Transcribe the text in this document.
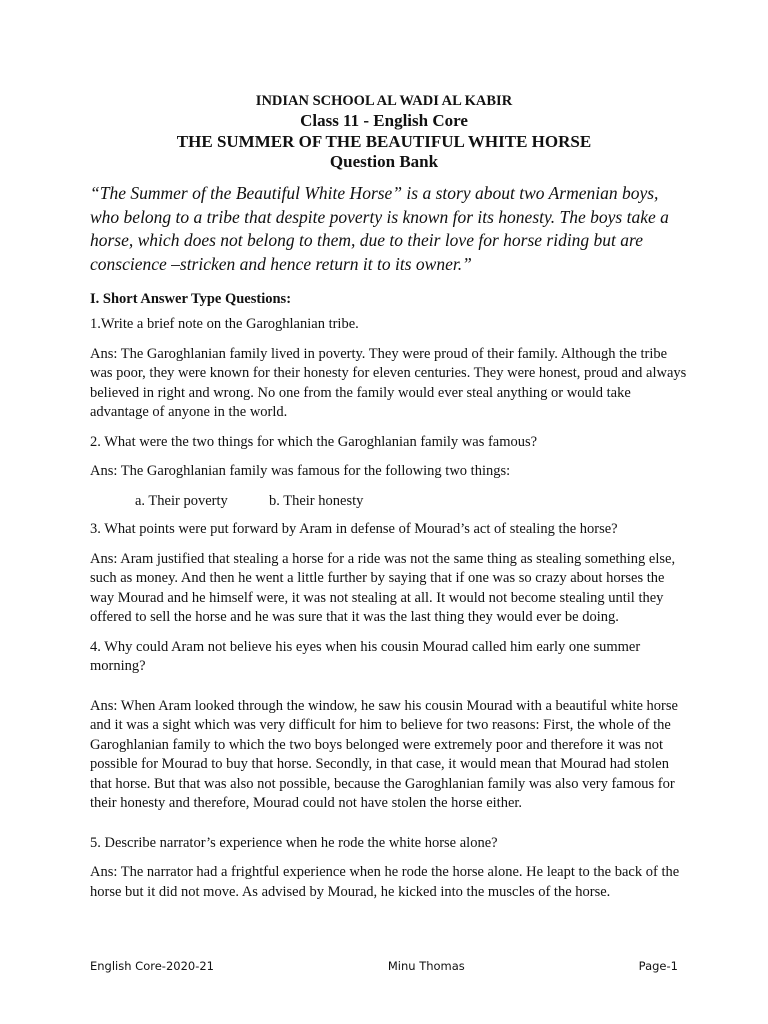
INDIAN SCHOOL AL WADI AL KABIR
Class 11 - English Core
THE SUMMER OF THE BEAUTIFUL WHITE HORSE
Question Bank

“The Summer of the Beautiful White Horse” is a story about two Armenian boys, who belong to a tribe that despite poverty is known for its honesty. The boys take a horse, which does not belong to them, due to their love for horse riding but are conscience –stricken and hence return it to its owner.”

I. Short Answer Type Questions:

1.Write a brief note on the Garoghlanian tribe.

Ans: The Garoghlanian family lived in poverty. They were proud of their family. Although the tribe was poor, they were known for their honesty for eleven centuries. They were honest, proud and always believed in right and wrong. No one from the family would ever steal anything or would take advantage of anyone in the world.

2. What were the two things for which the Garoghlanian family was famous?

Ans: The Garoghlanian family was famous for the following two things:

a. Their poverty	b. Their honesty

3. What points were put forward by Aram in defense of Mourad’s act of stealing the horse?

Ans: Aram justified that stealing a horse for a ride was not the same thing as stealing something else, such as money. And then he went a little further by saying that if one was so crazy about horses the way Mourad and he himself were, it was not stealing at all. It would not become stealing until they offered to sell the horse and he was sure that it was the last thing they would ever be doing.

4. Why could Aram not believe his eyes when his cousin Mourad called him early one summer morning?

Ans: When Aram looked through the window, he saw his cousin Mourad with a beautiful white horse and it was a sight which was very difficult for him to believe for two reasons: First, the whole of the Garoghlanian family to which the two boys belonged were extremely poor and therefore it was not possible for Mourad to buy that horse. Secondly, in that case, it would mean that Mourad had stolen that horse. But that was also not possible, because the Garoghlanian family was also very famous for their honesty and therefore, Mourad could not have stolen the horse either.

5. Describe narrator’s experience when he rode the white horse alone?

Ans: The narrator had a frightful experience when he rode the horse alone. He leapt to the back of the horse but it did not move. As advised by Mourad, he kicked into the muscles of the horse.

English Core-2020-21	Minu Thomas	Page-1
